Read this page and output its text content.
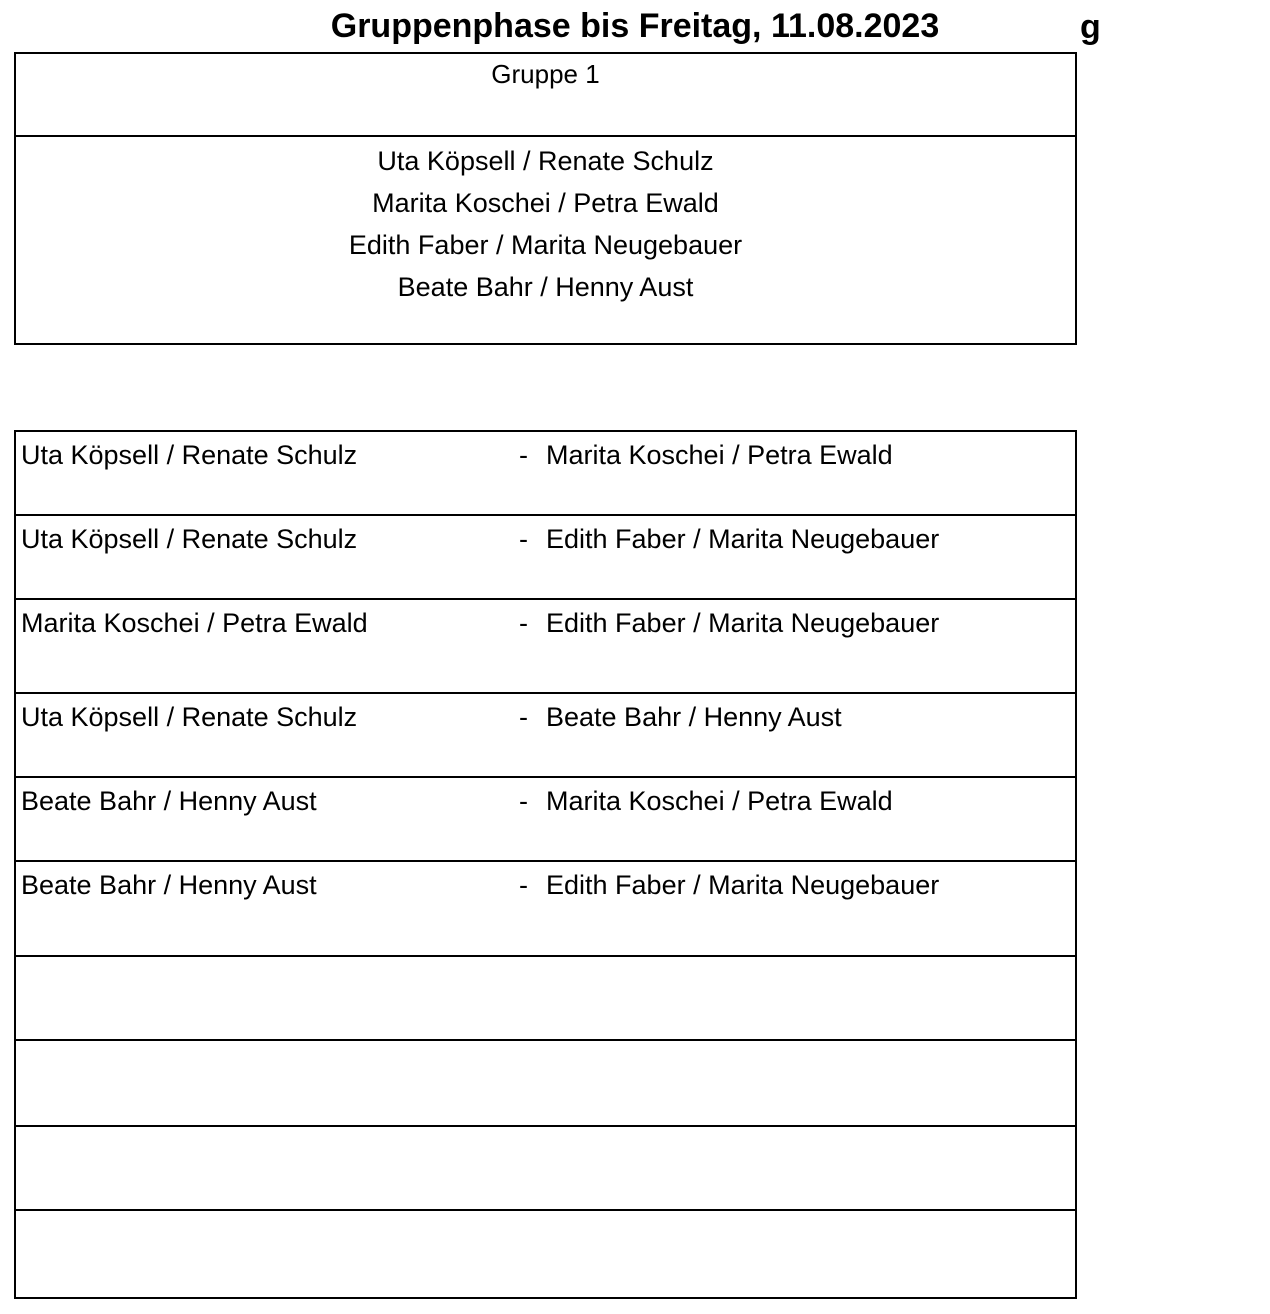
Gruppenphase bis Freitag, 11.08.2023	g
Gruppe 1
Uta Köpsell / Renate Schulz
Marita Koschei / Petra Ewald
Edith Faber / Marita Neugebauer
Beate Bahr / Henny Aust
Uta Köpsell / Renate Schulz	- Marita Koschei / Petra Ewald
Uta Köpsell / Renate Schulz	- Edith Faber / Marita Neugebauer
Marita Koschei / Petra Ewald	- Edith Faber / Marita Neugebauer
Uta Köpsell / Renate Schulz	- Beate Bahr / Henny Aust
Beate Bahr / Henny Aust	- Marita Koschei / Petra Ewald
Beate Bahr / Henny Aust	- Edith Faber / Marita Neugebauer
